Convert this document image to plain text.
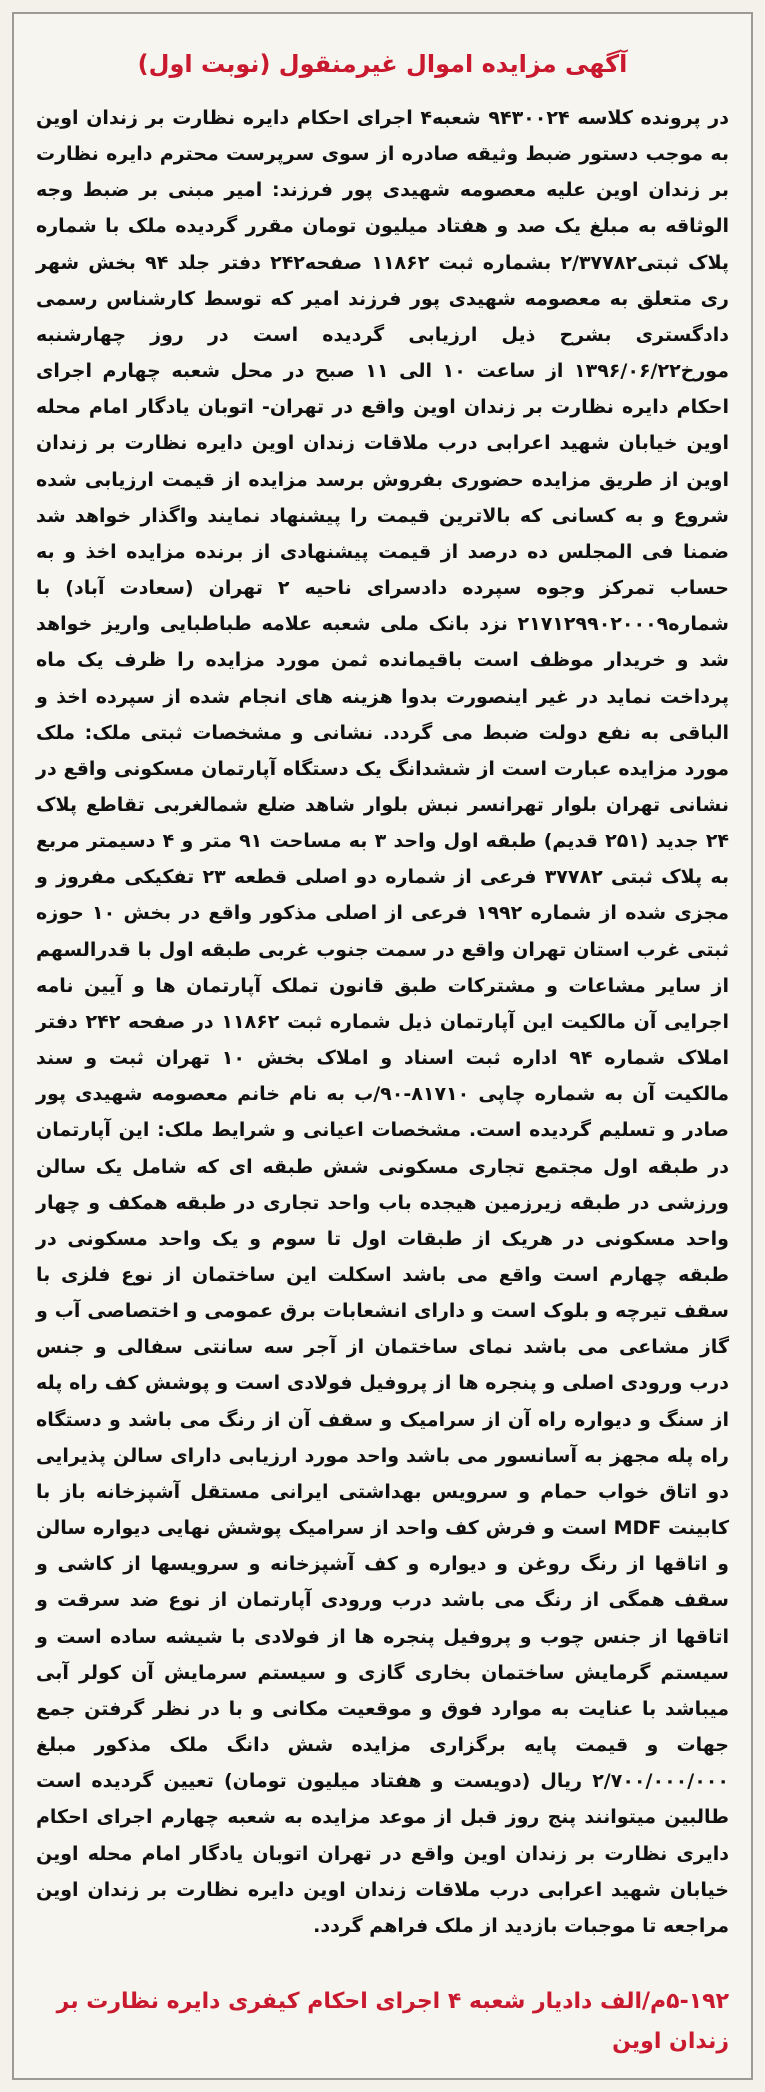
آگهی مزایده اموال غیرمنقول (نوبت اول)
در پرونده کلاسه ۹۴۳۰۰۲۴ شعبه۴ اجرای احکام دایره نظارت بر زندان اوین به موجب دستور ضبط وثیقه صادره از سوی سرپرست محترم دایره نظارت بر زندان اوین علیه معصومه شهیدی پور فرزند: امیر مبنی بر ضبط وجه الوثاقه به مبلغ یک صد و هفتاد میلیون تومان مقرر گردیده ملک با شماره پلاک ثبتی۲/۳۷۷۸۲ بشماره ثبت ۱۱۸۶۲ صفحه۲۴۲ دفتر جلد ۹۴ بخش شهر ری متعلق به معصومه شهیدی پور فرزند امیر که توسط کارشناس رسمی دادگستری بشرح ذیل ارزیابی گردیده است در روز چهارشنبه مورخ۱۳۹۶/۰۶/۲۲ از ساعت ۱۰ الی ۱۱ صبح در محل شعبه چهارم اجرای احکام دایره نظارت بر زندان اوین واقع در تهران- اتوبان یادگار امام محله اوین خیابان شهید اعرابی درب ملاقات زندان اوین دایره نظارت بر زندان اوین از طریق مزایده حضوری بفروش برسد مزایده از قیمت ارزیابی شده شروع و به کسانی که بالاترین قیمت را پیشنهاد نمایند واگذار خواهد شد ضمنا فی المجلس ده درصد از قیمت پیشنهادی از برنده مزایده اخذ و به حساب تمرکز وجوه سپرده دادسرای ناحیه ۲ تهران (سعادت آباد) با شماره۲۱۷۱۲۹۹۰۲۰۰۰۹ نزد بانک ملی شعبه علامه طباطبایی واریز خواهد شد و خریدار موظف است باقیمانده ثمن مورد مزایده را ظرف یک ماه پرداخت نماید در غیر اینصورت بدوا هزینه های انجام شده از سپرده اخذ و الباقی به نفع دولت ضبط می گردد. نشانی و مشخصات ثبتی ملک: ملک مورد مزایده عبارت است از ششدانگ یک دستگاه آپارتمان مسکونی واقع در نشانی تهران بلوار تهرانسر نبش بلوار شاهد ضلع شمالغربی تقاطع پلاک ۲۴ جدید (۲۵۱ قدیم) طبقه اول واحد ۳ به مساحت ۹۱ متر و ۴ دسیمتر مربع به پلاک ثبتی ۳۷۷۸۲ فرعی از شماره دو اصلی قطعه ۲۳ تفکیکی مفروز و مجزی شده از شماره ۱۹۹۲ فرعی از اصلی مذکور واقع در بخش ۱۰ حوزه ثبتی غرب استان تهران واقع در سمت جنوب غربی طبقه اول با قدرالسهم از سایر مشاعات و مشترکات طبق قانون تملک آپارتمان ها و آیین نامه اجرایی آن مالکیت این آپارتمان ذیل شماره ثبت ۱۱۸۶۲ در صفحه ۲۴۲ دفتر املاک شماره ۹۴ اداره ثبت اسناد و املاک بخش ۱۰ تهران ثبت و سند مالکیت آن به شماره چاپی ۸۱۷۱۰-۹۰/ب به نام خانم معصومه شهیدی پور صادر و تسلیم گردیده است. مشخصات اعیانی و شرایط ملک: این آپارتمان در طبقه اول مجتمع تجاری مسکونی شش طبقه ای که شامل یک سالن ورزشی در طبقه زیرزمین هیجده باب واحد تجاری در طبقه همکف و چهار واحد مسکونی در هریک از طبقات اول تا سوم و یک واحد مسکونی در طبقه چهارم است واقع می باشد اسکلت این ساختمان از نوع فلزی با سقف تیرچه و بلوک است و دارای انشعابات برق عمومی و اختصاصی آب و گاز مشاعی می باشد نمای ساختمان از آجر سه سانتی سفالی و جنس درب ورودی اصلی و پنجره ها از پروفیل فولادی است و پوشش کف راه پله از سنگ و دیواره راه آن از سرامیک و سقف آن از رنگ می باشد و دستگاه راه پله مجهز به آسانسور می باشد واحد مورد ارزیابی دارای سالن پذیرایی دو اتاق خواب حمام و سرویس بهداشتی ایرانی مستقل آشپزخانه باز با کابینت MDF است و فرش کف واحد از سرامیک پوشش نهایی دیواره سالن و اتاقها از رنگ روغن و دیواره و کف آشپزخانه و سرویسها از کاشی و سقف همگی از رنگ می باشد درب ورودی آپارتمان از نوع ضد سرقت و اتاقها از جنس چوب و پروفیل پنجره ها از فولادی با شیشه ساده است و سیستم گرمایش ساختمان بخاری گازی و سیستم سرمایش آن کولر آبی میباشد با عنایت به موارد فوق و موقعیت مکانی و با در نظر گرفتن جمع جهات و قیمت پایه برگزاری مزایده شش دانگ ملک مذکور مبلغ ۲/۷۰۰/۰۰۰/۰۰۰ ریال (دویست و هفتاد میلیون تومان) تعیین گردیده است طالبین میتوانند پنج روز قبل از موعد مزایده به شعبه چهارم اجرای احکام دایری نظارت بر زندان اوین واقع در تهران اتوبان یادگار امام محله اوین خیابان شهید اعرابی درب ملاقات زندان اوین دایره نظارت بر زندان اوین مراجعه تا موجبات بازدید از ملک فراهم گردد.
۵-۱۹۲م/الف دادیار شعبه ۴ اجرای احکام کیفری دایره نظارت بر زندان اوین
